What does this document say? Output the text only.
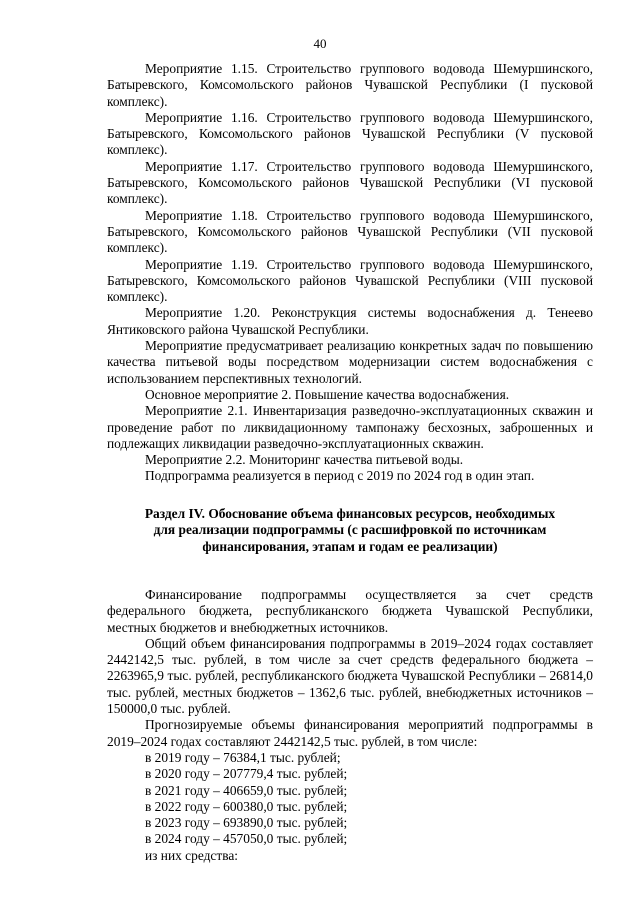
40

Мероприятие 1.15. Строительство группового водовода Шемуршинского, Батыревского, Комсомольского районов Чувашской Республики (I пусковой комплекс).

Мероприятие 1.16. Строительство группового водовода Шемуршинского, Батыревского, Комсомольского районов Чувашской Республики (V пусковой комплекс).

Мероприятие 1.17. Строительство группового водовода Шемуршинского, Батыревского, Комсомольского районов Чувашской Республики (VI пусковой комплекс).

Мероприятие 1.18. Строительство группового водовода Шемуршинского, Батыревского, Комсомольского районов Чувашской Республики (VII пусковой комплекс).

Мероприятие 1.19. Строительство группового водовода Шемуршинского, Батыревского, Комсомольского районов Чувашской Республики (VIII пусковой комплекс).

Мероприятие 1.20. Реконструкция системы водоснабжения д. Тенеево Янтиковского района Чувашской Республики.

Мероприятие предусматривает реализацию конкретных задач по повышению качества питьевой воды посредством модернизации систем водоснабжения с использованием перспективных технологий.

Основное мероприятие 2. Повышение качества водоснабжения.

Мероприятие 2.1. Инвентаризация разведочно-эксплуатационных скважин и проведение работ по ликвидационному тампонажу бесхозных, заброшенных и подлежащих ликвидации разведочно-эксплуатационных скважин.

Мероприятие 2.2. Мониторинг качества питьевой воды.

Подпрограмма реализуется в период с 2019 по 2024 год в один этап.

Раздел IV. Обоснование объема финансовых ресурсов, необходимых
для реализации подпрограммы (с расшифровкой по источникам
финансирования, этапам и годам ее реализации)

Финансирование подпрограммы осуществляется за счет средств федерального бюджета, республиканского бюджета Чувашской Республики, местных бюджетов и внебюджетных источников.

Общий объем финансирования подпрограммы в 2019–2024 годах составляет 2442142,5 тыс. рублей, в том числе за счет средств федерального бюджета – 2263965,9 тыс. рублей, республиканского бюджета Чувашской Республики – 26814,0 тыс. рублей, местных бюджетов – 1362,6 тыс. рублей, внебюджетных источников – 150000,0 тыс. рублей.

Прогнозируемые объемы финансирования мероприятий подпрограммы в 2019–2024 годах составляют 2442142,5 тыс. рублей, в том числе:

в 2019 году – 76384,1 тыс. рублей;

в 2020 году – 207779,4 тыс. рублей;

в 2021 году – 406659,0 тыс. рублей;

в 2022 году – 600380,0 тыс. рублей;

в 2023 году – 693890,0 тыс. рублей;

в 2024 году – 457050,0 тыс. рублей;

из них средства:
